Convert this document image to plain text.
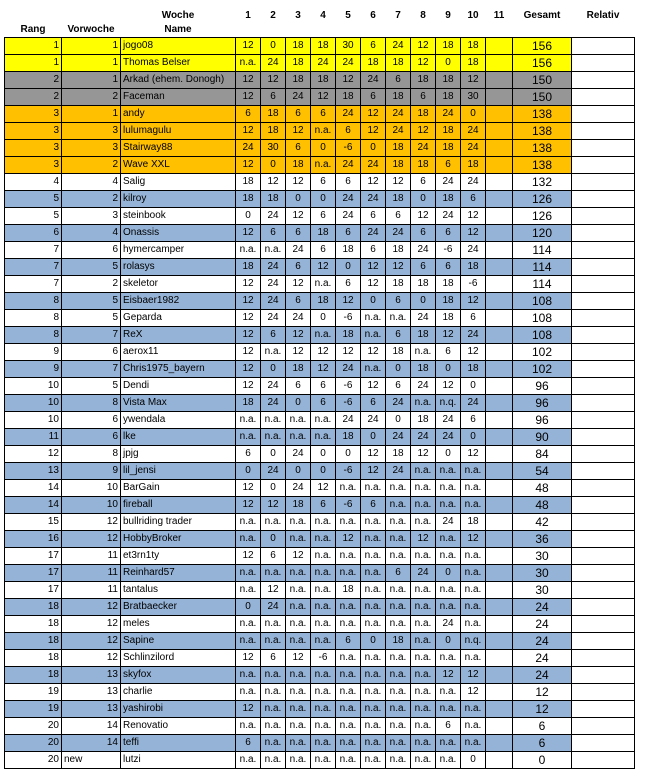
		Woche	1	2	3	4	5	6	7	8	9	10	11	Gesamt	Relativ
Rang	Vorwoche	Name													
1	1	jogo08	12	0	18	18	30	6	24	12	18	18		156	
1	1	Thomas Belser	n.a.	24	18	24	24	18	18	12	0	18		156	
2	1	Arkad (ehem. Donogh)	12	12	18	18	12	24	6	18	18	12		150	
2	2	Faceman	12	6	24	12	18	6	18	6	18	30		150	
3	1	andy	6	18	6	6	24	12	24	18	24	0		138	
3	3	lulumagulu	12	18	12	n.a.	6	12	24	12	18	24		138	
3	3	Stairway88	24	30	6	0	-6	0	18	24	18	24		138	
3	2	Wave XXL	12	0	18	n.a.	24	24	18	18	6	18		138	
4	4	Salig	18	12	12	6	6	12	12	6	24	24		132	
5	2	kilroy	18	18	0	0	24	24	18	0	18	6		126	
5	3	steinbook	0	24	12	6	24	6	6	12	24	12		126	
6	4	Onassis	12	6	6	18	6	24	24	6	6	12		120	
7	6	hymercamper	n.a.	n.a.	24	6	18	6	18	24	-6	24		114	
7	5	rolasys	18	24	6	12	0	12	12	6	6	18		114	
7	2	skeletor	12	24	12	n.a.	6	12	18	18	18	-6		114	
8	5	Eisbaer1982	12	24	6	18	12	0	6	0	18	12		108	
8	5	Geparda	12	24	24	0	-6	n.a.	n.a.	24	18	6		108	
8	7	ReX	12	6	12	n.a.	18	n.a.	6	18	12	24		108	
9	6	aerox11	12	n.a.	12	12	12	12	18	n.a.	6	12		102	
9	7	Chris1975_bayern	12	0	18	12	24	n.a.	0	18	0	18		102	
10	5	Dendi	12	24	6	6	-6	12	6	24	12	0		96	
10	8	Vista Max	18	24	0	6	-6	6	24	n.a.	n.q.	24		96	
10	6	ywendala	n.a.	n.a.	n.a.	n.a.	24	24	0	18	24	6		96	
11	6	lke	n.a.	n.a.	n.a.	n.a.	18	0	24	24	24	0		90	
12	8	jpjg	6	0	24	0	0	12	18	12	0	12		84	
13	9	lil_jensi	0	24	0	0	-6	12	24	n.a.	n.a.	n.a.		54	
14	10	BarGain	12	0	24	12	n.a.	n.a.	n.a.	n.a.	n.a.	n.a.		48	
14	10	fireball	12	12	18	6	-6	6	n.a.	n.a.	n.a.	n.a.		48	
15	12	bullriding trader	n.a.	n.a.	n.a.	n.a.	n.a.	n.a.	n.a.	n.a.	24	18		42	
16	12	HobbyBroker	n.a.	0	n.a.	n.a.	12	n.a.	n.a.	12	n.a.	12		36	
17	11	et3rn1ty	12	6	12	n.a.	n.a.	n.a.	n.a.	n.a.	n.a.	n.a.		30	
17	11	Reinhard57	n.a.	n.a.	n.a.	n.a.	n.a.	n.a.	6	24	0	n.a.		30	
17	11	tantalus	n.a.	12	n.a.	n.a.	18	n.a.	n.a.	n.a.	n.a.	n.a.		30	
18	12	Bratbaecker	0	24	n.a.	n.a.	n.a.	n.a.	n.a.	n.a.	n.a.	n.a.		24	
18	12	meles	n.a.	n.a.	n.a.	n.a.	n.a.	n.a.	n.a.	n.a.	24	n.a.		24	
18	12	Sapine	n.a.	n.a.	n.a.	n.a.	6	0	18	n.a.	0	n.q.		24	
18	12	Schlinzilord	12	6	12	-6	n.a.	n.a.	n.a.	n.a.	n.a.	n.a.		24	
18	13	skyfox	n.a.	n.a.	n.a.	n.a.	n.a.	n.a.	n.a.	n.a.	12	12		24	
19	13	charlie	n.a.	n.a.	n.a.	n.a.	n.a.	n.a.	n.a.	n.a.	n.a.	12		12	
19	13	yashirobi	12	n.a.	n.a.	n.a.	n.a.	n.a.	n.a.	n.a.	n.a.	n.a.		12	
20	14	Renovatio	n.a.	n.a.	n.a.	n.a.	n.a.	n.a.	n.a.	n.a.	6	n.a.		6	
20	14	teffi	6	n.a.	n.a.	n.a.	n.a.	n.a.	n.a.	n.a.	n.a.	n.a.		6	
20	new	lutzi	n.a.	n.a.	n.a.	n.a.	n.a.	n.a.	n.a.	n.a.	n.a.	0		0	
